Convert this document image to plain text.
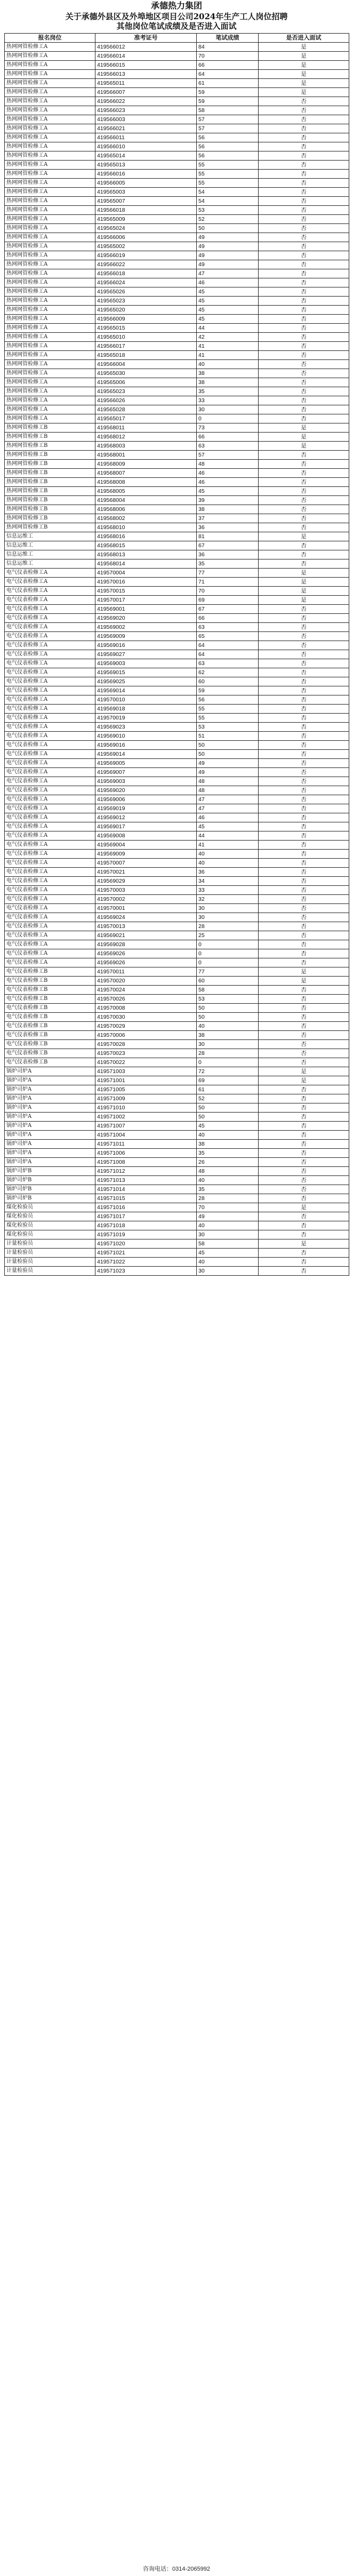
承德热力集团
关于承德外县区及外埠地区项目公司2024年生产工人岗位招聘
其他岗位笔试成绩及是否进入面试
报名岗位	准考证号	笔试成绩	是否进入面试
热网网管检修工A	419566012	84	是
热网网管检修工A	419566014	70	是
热网网管检修工A	419566015	66	是
热网网管检修工A	419566013	64	是
热网网管检修工A	419565011	61	是
热网网管检修工A	419566007	59	是
热网网管检修工A	419566022	59	否
热网网管检修工A	419566023	58	否
热网网管检修工A	419566003	57	否
热网网管检修工A	419566021	57	否
热网网管检修工A	419566011	56	否
热网网管检修工A	419566010	56	否
热网网管检修工A	419565014	56	否
热网网管检修工A	419565013	55	否
热网网管检修工A	419566016	55	否
热网网管检修工A	419566005	55	否
热网网管检修工A	419565003	54	否
热网网管检修工A	419565007	54	否
热网网管检修工A	419566018	53	否
热网网管检修工A	419565009	52	否
热网网管检修工A	419565024	50	否
热网网管检修工A	419566006	49	否
热网网管检修工A	419565002	49	否
热网网管检修工A	419566019	49	否
热网网管检修工A	419566022	49	否
热网网管检修工A	419566018	47	否
热网网管检修工A	419566024	46	否
热网网管检修工A	419565026	45	否
热网网管检修工A	419565023	45	否
热网网管检修工A	419565020	45	否
热网网管检修工A	419566009	45	否
热网网管检修工A	419565015	44	否
热网网管检修工A	419565010	42	否
热网网管检修工A	419566017	41	否
热网网管检修工A	419565018	41	否
热网网管检修工A	419566004	40	否
热网网管检修工A	419565030	38	否
热网网管检修工A	419565006	38	否
热网网管检修工A	419565023	35	否
热网网管检修工A	419566026	33	否
热网网管检修工A	419565028	30	否
热网网管检修工A	419565017	0	否
热网网管检修工B	419568011	73	是
热网网管检修工B	419568012	66	是
热网网管检修工B	419568003	63	是
热网网管检修工B	419568001	57	否
热网网管检修工B	419568009	48	否
热网网管检修工B	419568007	46	否
热网网管检修工B	419568008	46	否
热网网管检修工B	419568005	45	否
热网网管检修工B	419568004	39	否
热网网管检修工B	419568006	38	否
热网网管检修工B	419568002	37	否
热网网管检修工B	419568010	36	否
信息运维工	419568016	81	是
信息运维工	419568015	67	否
信息运维工	419568013	36	否
信息运维工	419568014	35	否
电气仪表检修工A	419570004	77	是
电气仪表检修工A	419570016	71	是
电气仪表检修工A	419570015	70	是
电气仪表检修工A	419570017	69	是
电气仪表检修工A	419569001	67	否
电气仪表检修工A	419569020	66	否
电气仪表检修工A	419569002	63	否
电气仪表检修工A	419569009	65	否
电气仪表检修工A	419569016	64	否
电气仪表检修工A	419569027	64	否
电气仪表检修工A	419569003	63	否
电气仪表检修工A	419569015	62	否
电气仪表检修工A	419569025	60	否
电气仪表检修工A	419569014	59	否
电气仪表检修工A	419570010	56	否
电气仪表检修工A	419569018	55	否
电气仪表检修工A	419570019	55	否
电气仪表检修工A	419569023	53	否
电气仪表检修工A	419569010	51	否
电气仪表检修工A	419569016	50	否
电气仪表检修工A	419569014	50	否
电气仪表检修工A	419569005	49	否
电气仪表检修工A	419569007	49	否
电气仪表检修工A	419569003	48	否
电气仪表检修工A	419569020	48	否
电气仪表检修工A	419569006	47	否
电气仪表检修工A	419569019	47	否
电气仪表检修工A	419569012	46	否
电气仪表检修工A	419569017	45	否
电气仪表检修工A	419569008	44	否
电气仪表检修工A	419569004	41	否
电气仪表检修工A	419569009	40	否
电气仪表检修工A	419570007	40	否
电气仪表检修工A	419570021	36	否
电气仪表检修工A	419569029	34	否
电气仪表检修工A	419570003	33	否
电气仪表检修工A	419570002	32	否
电气仪表检修工A	419570001	30	否
电气仪表检修工A	419569024	30	否
电气仪表检修工A	419570013	28	否
电气仪表检修工A	419569021	25	否
电气仪表检修工A	419569028	0	否
电气仪表检修工A	419569026	0	否
电气仪表检修工A	419569026	0	否
电气仪表检修工B	419570011	77	是
电气仪表检修工B	419570020	60	是
电气仪表检修工B	419570024	58	否
电气仪表检修工B	419570026	53	否
电气仪表检修工B	419570008	50	否
电气仪表检修工B	419570030	50	否
电气仪表检修工B	419570029	40	否
电气仪表检修工B	419570006	38	否
电气仪表检修工B	419570028	30	否
电气仪表检修工B	419570023	28	否
电气仪表检修工B	419570022	0	否
锅炉司炉A	419571003	72	是
锅炉司炉A	419571001	69	是
锅炉司炉A	419571005	61	否
锅炉司炉A	419571009	52	否
锅炉司炉A	419571010	50	否
锅炉司炉A	419571002	50	否
锅炉司炉A	419571007	45	否
锅炉司炉A	419571004	40	否
锅炉司炉A	419571011	38	否
锅炉司炉A	419571006	35	否
锅炉司炉A	419571008	26	否
锅炉司炉B	419571012	48	否
锅炉司炉B	419571013	40	否
锅炉司炉B	419571014	35	否
锅炉司炉B	419571015	28	否
煤化检验员	419571016	70	是
煤化检验员	419571017	49	否
煤化检验员	419571018	40	否
煤化检验员	419571019	30	否
计量检验员	419571020	58	是
计量检验员	419571021	45	否
计量检验员	419571022	40	否
计量检验员	419571023	30	否
咨询电话：0314-2065992
